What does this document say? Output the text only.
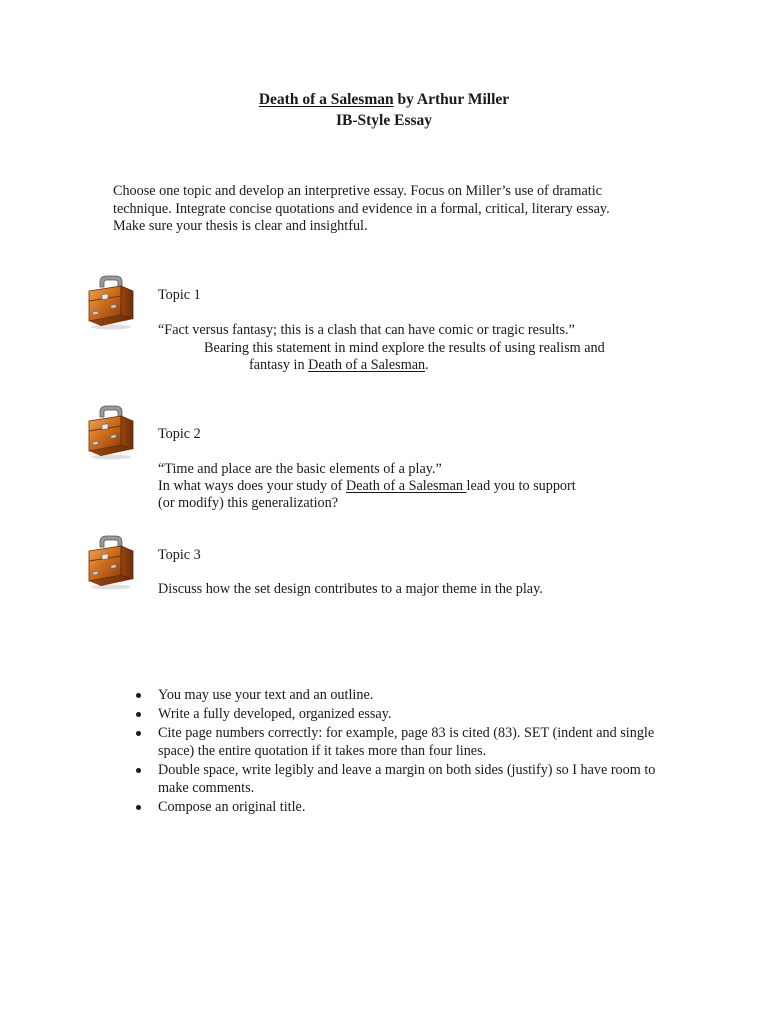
Death of a Salesman by Arthur Miller
IB-Style Essay
Choose one topic and develop an interpretive essay. Focus on Miller’s use of dramatic
technique. Integrate concise quotations and evidence in a formal, critical, literary essay.
Make sure your thesis is clear and insightful.
Topic 1
“Fact versus fantasy; this is a clash that can have comic or tragic results.”
Bearing this statement in mind explore the results of using realism and
fantasy in Death of a Salesman.
Topic 2
“Time and place are the basic elements of a play.”
In what ways does your study of Death of a Salesman lead you to support
(or modify) this generalization?
Topic 3
Discuss how the set design contributes to a major theme in the play.
You may use your text and an outline.
Write a fully developed, organized essay.
Cite page numbers correctly: for example, page 83 is cited (83). SET (indent and single space) the entire quotation if it takes more than four lines.
Double space, write legibly and leave a margin on both sides (justify) so I have room to make comments.
Compose an original title.
